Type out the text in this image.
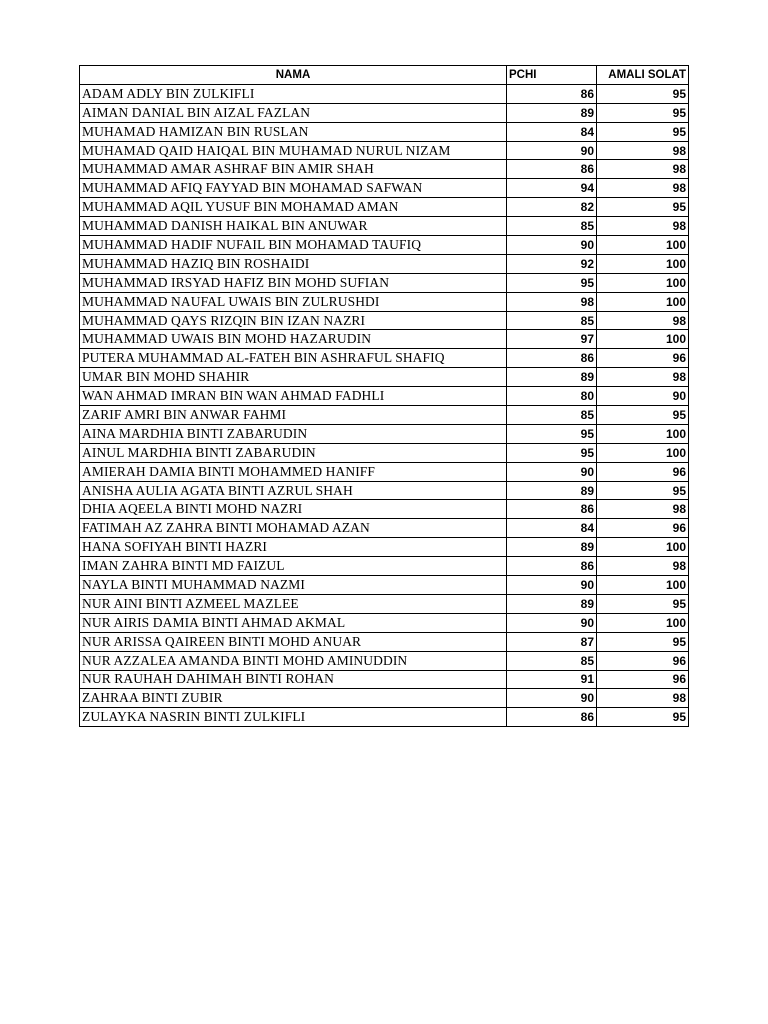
NAMA	PCHI	AMALI SOLAT
ADAM ADLY BIN ZULKIFLI	86	95
AIMAN DANIAL BIN AIZAL FAZLAN	89	95
MUHAMAD HAMIZAN BIN RUSLAN	84	95
MUHAMAD QAID HAIQAL BIN MUHAMAD NURUL NIZAM	90	98
MUHAMMAD AMAR ASHRAF BIN AMIR SHAH	86	98
MUHAMMAD AFIQ FAYYAD BIN MOHAMAD SAFWAN	94	98
MUHAMMAD AQIL YUSUF BIN MOHAMAD AMAN	82	95
MUHAMMAD DANISH HAIKAL BIN ANUWAR	85	98
MUHAMMAD HADIF NUFAIL BIN MOHAMAD TAUFIQ	90	100
MUHAMMAD HAZIQ BIN ROSHAIDI	92	100
MUHAMMAD IRSYAD HAFIZ BIN MOHD SUFIAN	95	100
MUHAMMAD NAUFAL UWAIS BIN ZULRUSHDI	98	100
MUHAMMAD QAYS RIZQIN BIN IZAN NAZRI	85	98
MUHAMMAD UWAIS BIN MOHD HAZARUDIN	97	100
PUTERA MUHAMMAD AL-FATEH BIN ASHRAFUL SHAFIQ	86	96
UMAR BIN MOHD SHAHIR	89	98
WAN AHMAD IMRAN BIN WAN AHMAD FADHLI	80	90
ZARIF AMRI BIN ANWAR FAHMI	85	95
AINA MARDHIA BINTI ZABARUDIN	95	100
AINUL MARDHIA BINTI ZABARUDIN	95	100
AMIERAH DAMIA BINTI MOHAMMED HANIFF	90	96
ANISHA AULIA AGATA BINTI AZRUL SHAH	89	95
DHIA AQEELA BINTI MOHD NAZRI	86	98
FATIMAH AZ ZAHRA BINTI MOHAMAD AZAN	84	96
HANA SOFIYAH BINTI HAZRI	89	100
IMAN ZAHRA BINTI MD FAIZUL	86	98
NAYLA BINTI MUHAMMAD NAZMI	90	100
NUR AINI BINTI AZMEEL MAZLEE	89	95
NUR AIRIS DAMIA BINTI AHMAD AKMAL	90	100
NUR ARISSA QAIREEN BINTI MOHD ANUAR	87	95
NUR AZZALEA AMANDA BINTI MOHD AMINUDDIN	85	96
NUR RAUHAH DAHIMAH BINTI ROHAN	91	96
ZAHRAA BINTI ZUBIR	90	98
ZULAYKA NASRIN BINTI ZULKIFLI	86	95
